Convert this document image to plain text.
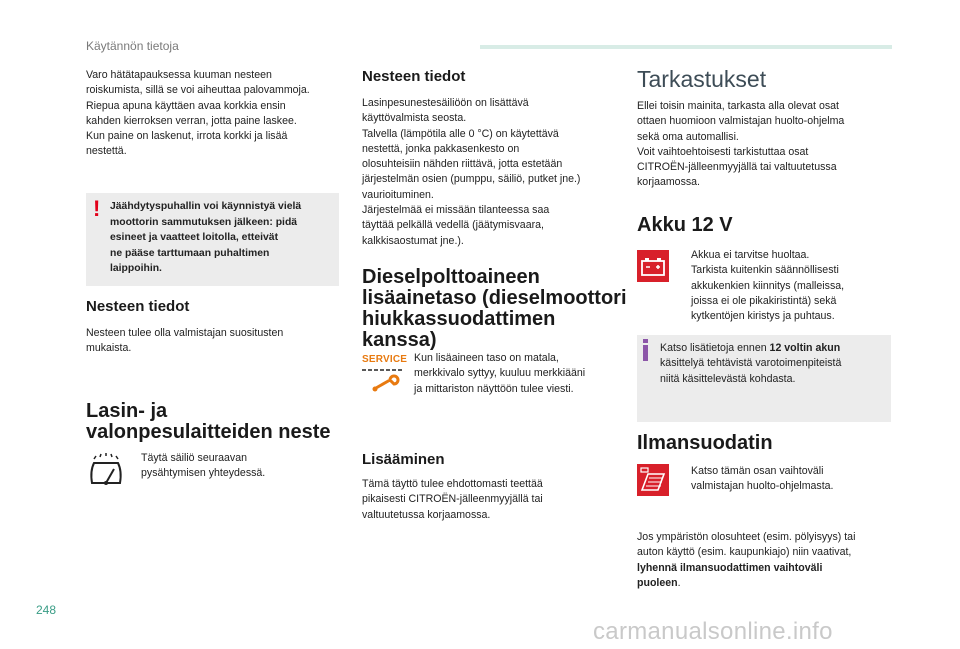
Käytännön tietoja

Varo hätätapauksessa kuuman nesteen

roiskumista, sillä se voi aiheuttaa palovammoja.

Riepua apuna käyttäen avaa korkkia ensin

kahden kierroksen verran, jotta paine laskee.

Kun paine on laskenut, irrota korkki ja lisää

nestettä.

! Jäähdytyspuhallin voi käynnistyä vielä
moottorin sammutuksen jälkeen: pidä
esineet ja vaatteet loitolla, etteivät
ne pääse tarttumaan puhaltimen
laippoihin.
Nesteen tiedot

Nesteen tulee olla valmistajan suositusten

mukaista.

Lasin- ja
valonpesulaitteiden neste

Täytä säiliö seuraavan

pysähtymisen yhteydessä.

Nesteen tiedot

Lasinpesunestesäiliöön on lisättävä

käyttövalmista seosta.

Talvella (lämpötila alle 0 °C) on käytettävä

nestettä, jonka pakkasenkesto on

olosuhteisiin nähden riittävä, jotta estetään

järjestelmän osien (pumppu, säiliö, putket jne.)

vaurioituminen.

Järjestelmää ei missään tilanteessa saa

täyttää pelkällä vedellä (jäätymisvaara,

kalkkisaostumat jne.).

Dieselpolttoaineen
lisäainetaso (dieselmoottori
hiukkassuodattimen
kanssa)
SERVICE Kun lisäaineen taso on matala,

merkkivalo syttyy, kuuluu merkkiääni

ja mittariston näyttöön tulee viesti.

Lisääminen

Tämä täyttö tulee ehdottomasti teettää

pikaisesti CITROËN-jälleenmyyjällä tai

valtuutetussa korjaamossa.

Tarkastukset

Ellei toisin mainita, tarkasta alla olevat osat

ottaen huomioon valmistajan huolto-ohjelma

sekä oma automallisi.

Voit vaihtoehtoisesti tarkistuttaa osat

CITROËN-jälleenmyyjällä tai valtuutetussa

korjaamossa.

Akku 12 V

Akkua ei tarvitse huoltaa.

Tarkista kuitenkin säännöllisesti

akkukenkien kiinnitys (malleissa,

joissa ei ole pikakiristintä) sekä

kytkentöjen kiristys ja puhtaus.

Katso lisätietoja ennen 12 voltin akun
käsittelyä tehtävistä varotoimenpiteistä
niitä käsittelevästä kohdasta.
Ilmansuodatin

Katso tämän osan vaihtoväli

valmistajan huolto-ohjelmasta.

Jos ympäristön olosuhteet (esim. pölyisyys) tai

auton käyttö (esim. kaupunkiajo) niin vaativat,

lyhennä ilmansuodattimen vaihtoväli

puoleen.

248
carmanualsonline.info
